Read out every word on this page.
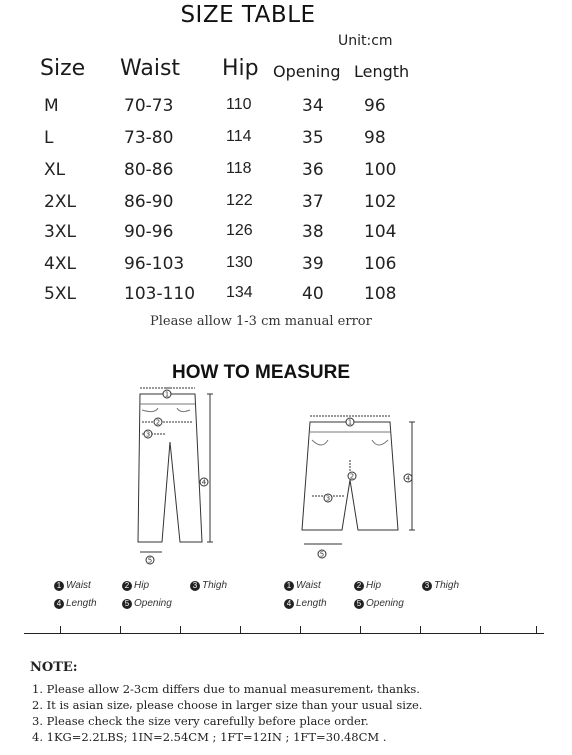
SIZE TABLE
Unit:cm
Size Waist Hip Opening Length
M	70-73	110	34 96
L	73-80	114	35 98
XL	80-86	118	36 100
2XL	86-90	122	37 102
3XL	90-96	126	38 104
4XL	96-103	130	39 106
5XL	103-110 134	40 108
Please allow 1-3 cm manual error
HOW TO MEASURE
1
2
3
4
5
1
2
3
4
5
1 Waist	2 Hip	3 Thigh
4 Length	5 Opening
1 Waist	2 Hip	3 Thigh
4 Length	5 Opening
NOTE:
1. Please allow 2-3cm differs due to manual measurement⸴ thanks.
2. It is asian size⸴ please choose in larger size than your usual size.
3. Please check the size very carefully before place order.
4. 1KG=2.2LBS; 1IN=2.54CM ; 1FT=12IN ; 1FT=30.48CM .
